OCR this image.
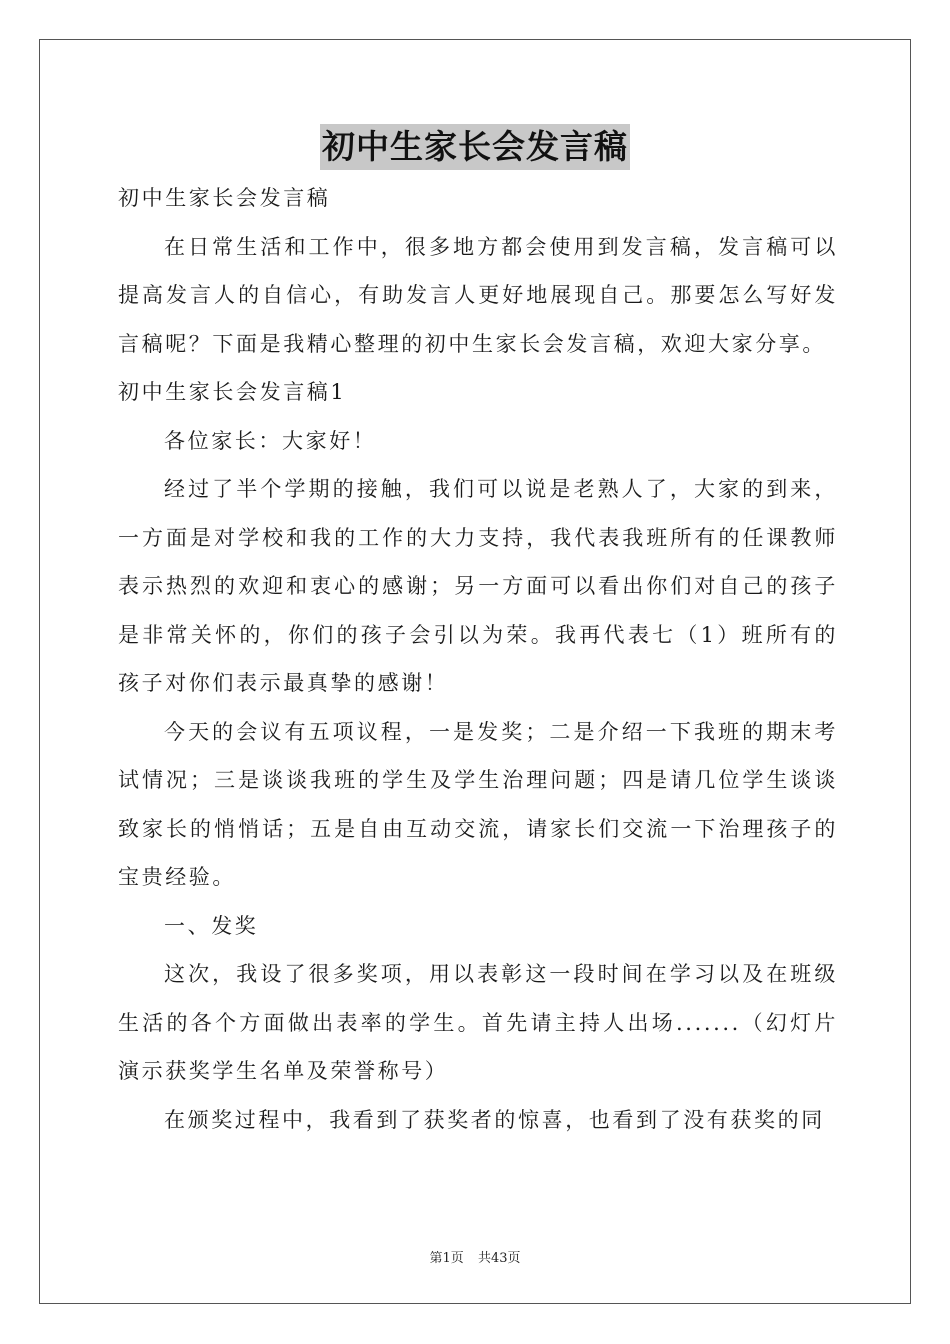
初中生家长会发言稿

初中生家长会发言稿

在日常生活和工作中，很多地方都会使用到发言稿，发言稿可以提高发言人的自信心，有助发言人更好地展现自己。那要怎么写好发言稿呢？下面是我精心整理的初中生家长会发言稿，欢迎大家分享。

初中生家长会发言稿1

各位家长：大家好！

经过了半个学期的接触，我们可以说是老熟人了，大家的到来，一方面是对学校和我的工作的大力支持，我代表我班所有的任课教师表示热烈的欢迎和衷心的感谢；另一方面可以看出你们对自己的孩子是非常关怀的，你们的孩子会引以为荣。我再代表七（1）班所有的孩子对你们表示最真挚的感谢！

今天的会议有五项议程，一是发奖；二是介绍一下我班的期末考试情况；三是谈谈我班的学生及学生治理问题；四是请几位学生谈谈致家长的悄悄话；五是自由互动交流，请家长们交流一下治理孩子的宝贵经验。

一、发奖

这次，我设了很多奖项，用以表彰这一段时间在学习以及在班级生活的各个方面做出表率的学生。首先请主持人出场.......（幻灯片演示获奖学生名单及荣誉称号）

在颁奖过程中，我看到了获奖者的惊喜，也看到了没有获奖的同

第1页 共43页
